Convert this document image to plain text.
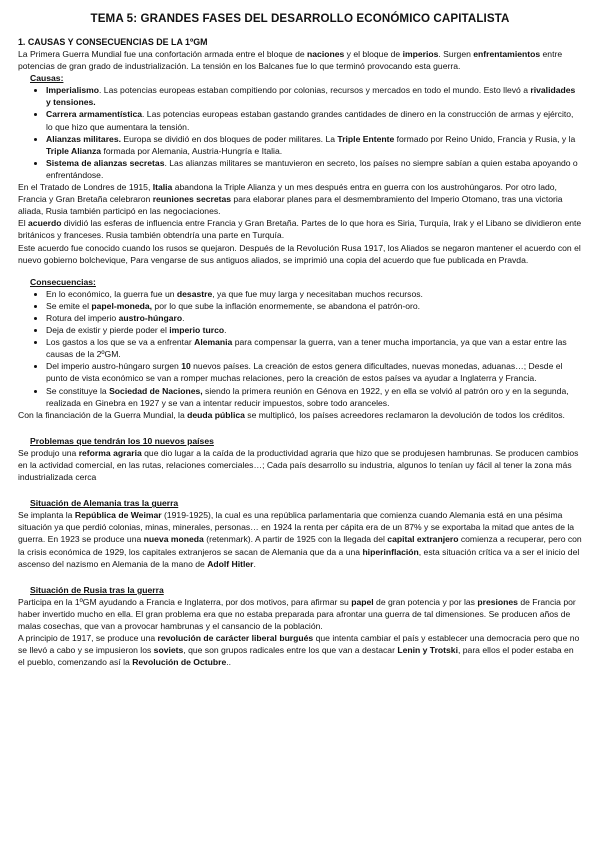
TEMA 5: GRANDES FASES DEL DESARROLLO ECONÓMICO CAPITALISTA
1. CAUSAS Y CONSECUENCIAS DE LA 1ºGM

La Primera Guerra Mundial fue una confortación armada entre el bloque de naciones y el bloque de imperios. Surgen enfrentamientos entre potencias de gran grado de industrialización. La tensión en los Balcanes fue lo que terminó provocando esta guerra.

Causas:
• Imperialismo. Las potencias europeas estaban compitiendo por colonias, recursos y mercados en todo el mundo. Esto llevó a rivalidades y tensiones.
• Carrera armamentística. Las potencias europeas estaban gastando grandes cantidades de dinero en la construcción de armas y ejército, lo que hizo que aumentara la tensión.
• Alianzas militares. Europa se dividió en dos bloques de poder militares. La Triple Entente formado por Reino Unido, Francia y Rusia, y la Triple Alianza formada por Alemania, Austria-Hungría e Italia.
• Sistema de alianzas secretas. Las alianzas militares se mantuvieron en secreto, los países no siempre sabían a quien estaba apoyando o enfrentándose.

En el Tratado de Londres de 1915, Italia abandona la Triple Alianza y un mes después entra en guerra con los austrohúngaros. Por otro lado, Francia y Gran Bretaña celebraron reuniones secretas para elaborar planes para el desmembramiento del Imperio Otomano, tras una victoria aliada, Rusia también participó en las negociaciones.

El acuerdo dividió las esferas de influencia entre Francia y Gran Bretaña. Partes de lo que hora es Siria, Turquía, Irak y el Libano se dividieron ente británicos y franceses. Rusia también obtendría una parte en Turquía.

Este acuerdo fue conocido cuando los rusos se quejaron. Después de la Revolución Rusa 1917, los Aliados se negaron mantener el acuerdo con el nuevo gobierno bolchevique, Para vengarse de sus antiguos aliados, se imprimió una copia del acuerdo que fue publicada en Pravda.

Consecuencias:
• En lo económico, la guerra fue un desastre, ya que fue muy larga y necesitaban muchos recursos.
• Se emite el papel-moneda, por lo que sube la inflación enormemente, se abandona el patrón-oro.
• Rotura del imperio austro-húngaro.
• Deja de existir y pierde poder el imperio turco.
• Los gastos a los que se va a enfrentar Alemania para compensar la guerra, van a tener mucha importancia, ya que van a estar entre las causas de la 2ºGM.
• Del imperio austro-húngaro surgen 10 nuevos países. La creación de estos genera dificultades, nuevas monedas, aduanas…; Desde el punto de vista económico se van a romper muchas relaciones, pero la creación de estos países va ayudar a Inglaterra y Francia.
• Se constituye la Sociedad de Naciones, siendo la primera reunión en Génova en 1922, y en ella se volvió al patrón oro y en la segunda, realizada en Ginebra en 1927 y se van a intentar reducir impuestos, sobre todo aranceles.

Con la financiación de la Guerra Mundial, la deuda pública se multiplicó, los países acreedores reclamaron la devolución de todos los créditos.

Problemas que tendrán los 10 nuevos países

Se produjo una reforma agraria que dio lugar a la caída de la productividad agraria que hizo que se produjesen hambrunas. Se producen cambios en la actividad comercial, en las rutas, relaciones comerciales…; Cada país desarrollo su industria, algunos lo tenían uy fácil al tener la zona más industrializada cerca

Situación de Alemania tras la guerra

Se implanta la República de Weimar (1919-1925), la cual es una república parlamentaria que comienza cuando Alemania está en una pésima situación ya que perdió colonias, minas, minerales, personas… en 1924 la renta per cápita era de un 87% y se exportaba la mitad que antes de la guerra. En 1923 se produce una nueva moneda (retenmark). A partir de 1925 con la llegada del capital extranjero comienza a recuperar, pero con la crisis económica de 1929, los capitales extranjeros se sacan de Alemania que da a una hiperinflación, esta situación crítica va a ser el inicio del ascenso del nazismo en Alemania de la mano de Adolf Hitler.

Situación de Rusia tras la guerra

Participa en la 1ºGM ayudando a Francia e Inglaterra, por dos motivos, para afirmar su papel de gran potencia y por las presiones de Francia por haber invertido mucho en ella. El gran problema era que no estaba preparada para afrontar una guerra de tal dimensiones. Se producen años de malas cosechas, que van a provocar hambrunas y el cansancio de la población.

A principio de 1917, se produce una revolución de carácter liberal burgués que intenta cambiar el país y establecer una democracia pero que no se llevó a cabo y se impusieron los soviets, que son grupos radicales entre los que van a destacar Lenin y Trotski, para ellos el poder estaba en el pueblo, comenzando así la Revolución de Octubre..
